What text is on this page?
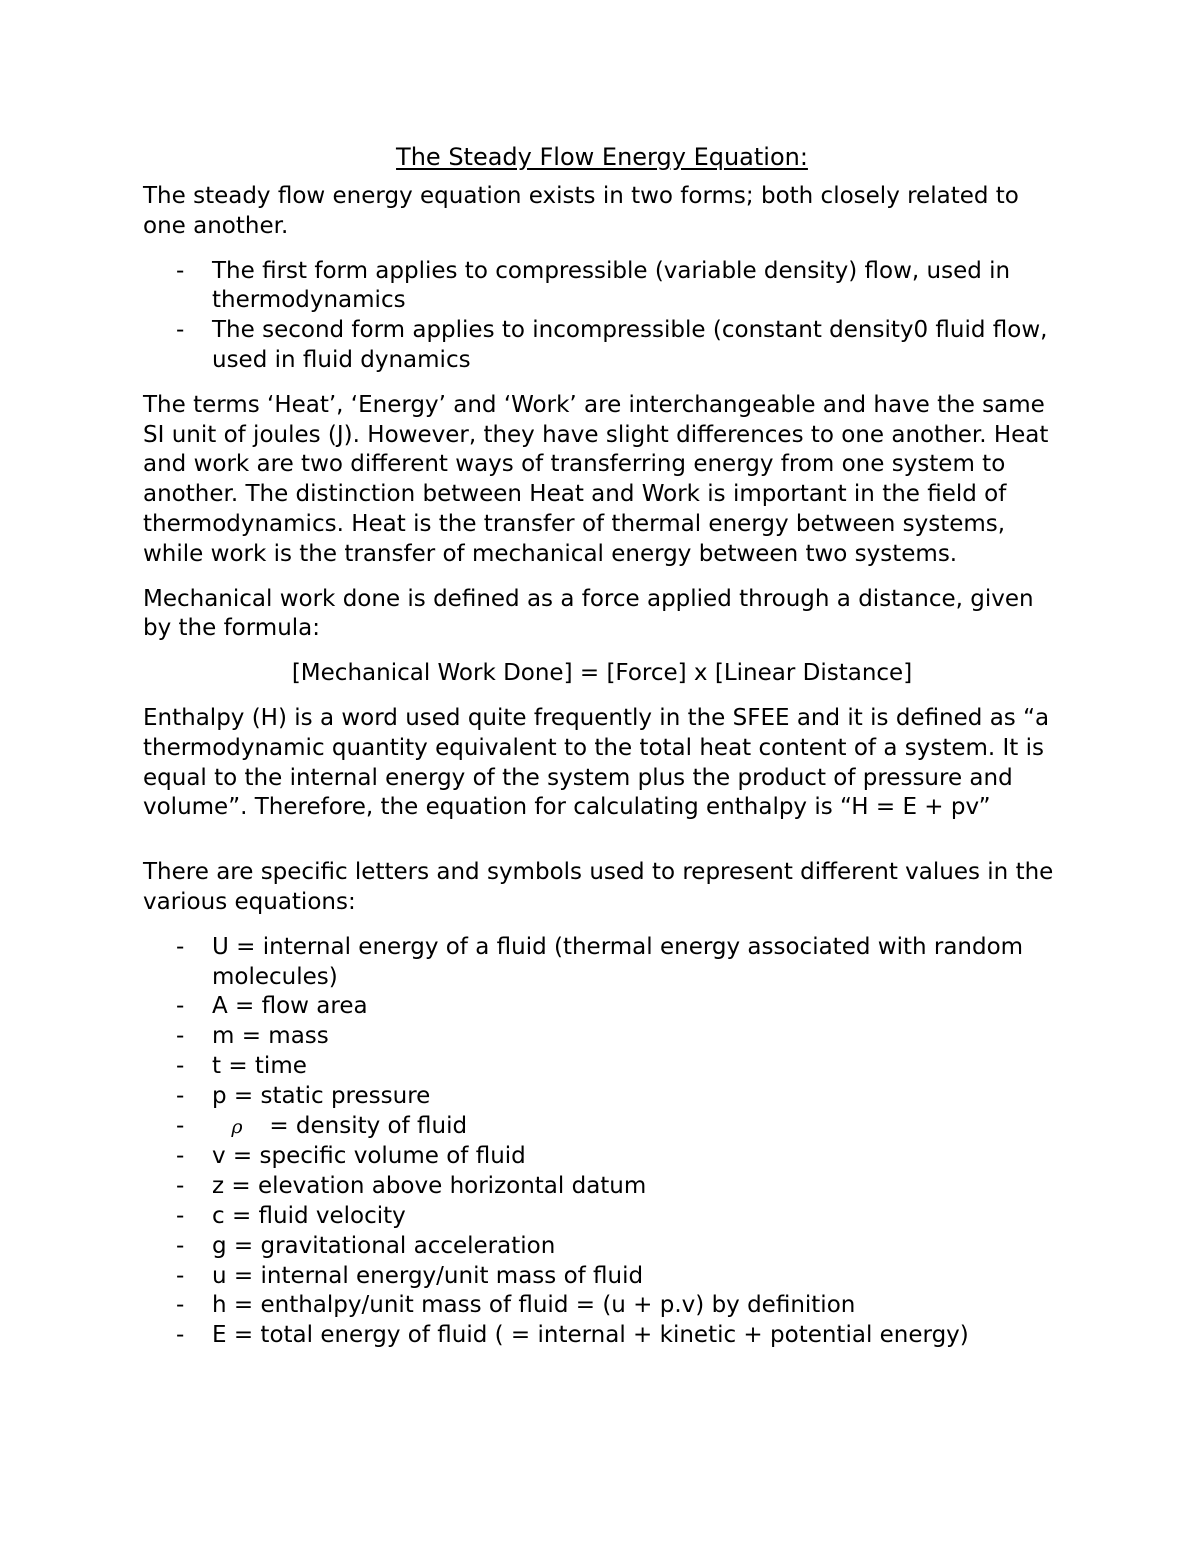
The Steady Flow Energy Equation:

The steady flow energy equation exists in two forms; both closely related to one another.

- The first form applies to compressible (variable density) flow, used in thermodynamics
- The second form applies to incompressible (constant density0 fluid flow, used in fluid dynamics

The terms ‘Heat’, ‘Energy’ and ‘Work’ are interchangeable and have the same SI unit of joules (J). However, they have slight differences to one another. Heat and work are two different ways of transferring energy from one system to another. The distinction between Heat and Work is important in the field of thermodynamics. Heat is the transfer of thermal energy between systems, while work is the transfer of mechanical energy between two systems.

Mechanical work done is defined as a force applied through a distance, given by the formula:

[Mechanical Work Done] = [Force] x [Linear Distance]

Enthalpy (H) is a word used quite frequently in the SFEE and it is defined as “a thermodynamic quantity equivalent to the total heat content of a system. It is equal to the internal energy of the system plus the product of pressure and volume”. Therefore, the equation for calculating enthalpy is “H = E + pv”

There are specific letters and symbols used to represent different values in the various equations:

- U = internal energy of a fluid (thermal energy associated with random molecules)
- A = flow area
- m = mass
- t = time
- p = static pressure
- ρ = density of fluid
- v = specific volume of fluid
- z = elevation above horizontal datum
- c = fluid velocity
- g = gravitational acceleration
- u = internal energy/unit mass of fluid
- h = enthalpy/unit mass of fluid = (u + p.v) by definition
- E = total energy of fluid ( = internal + kinetic + potential energy)
